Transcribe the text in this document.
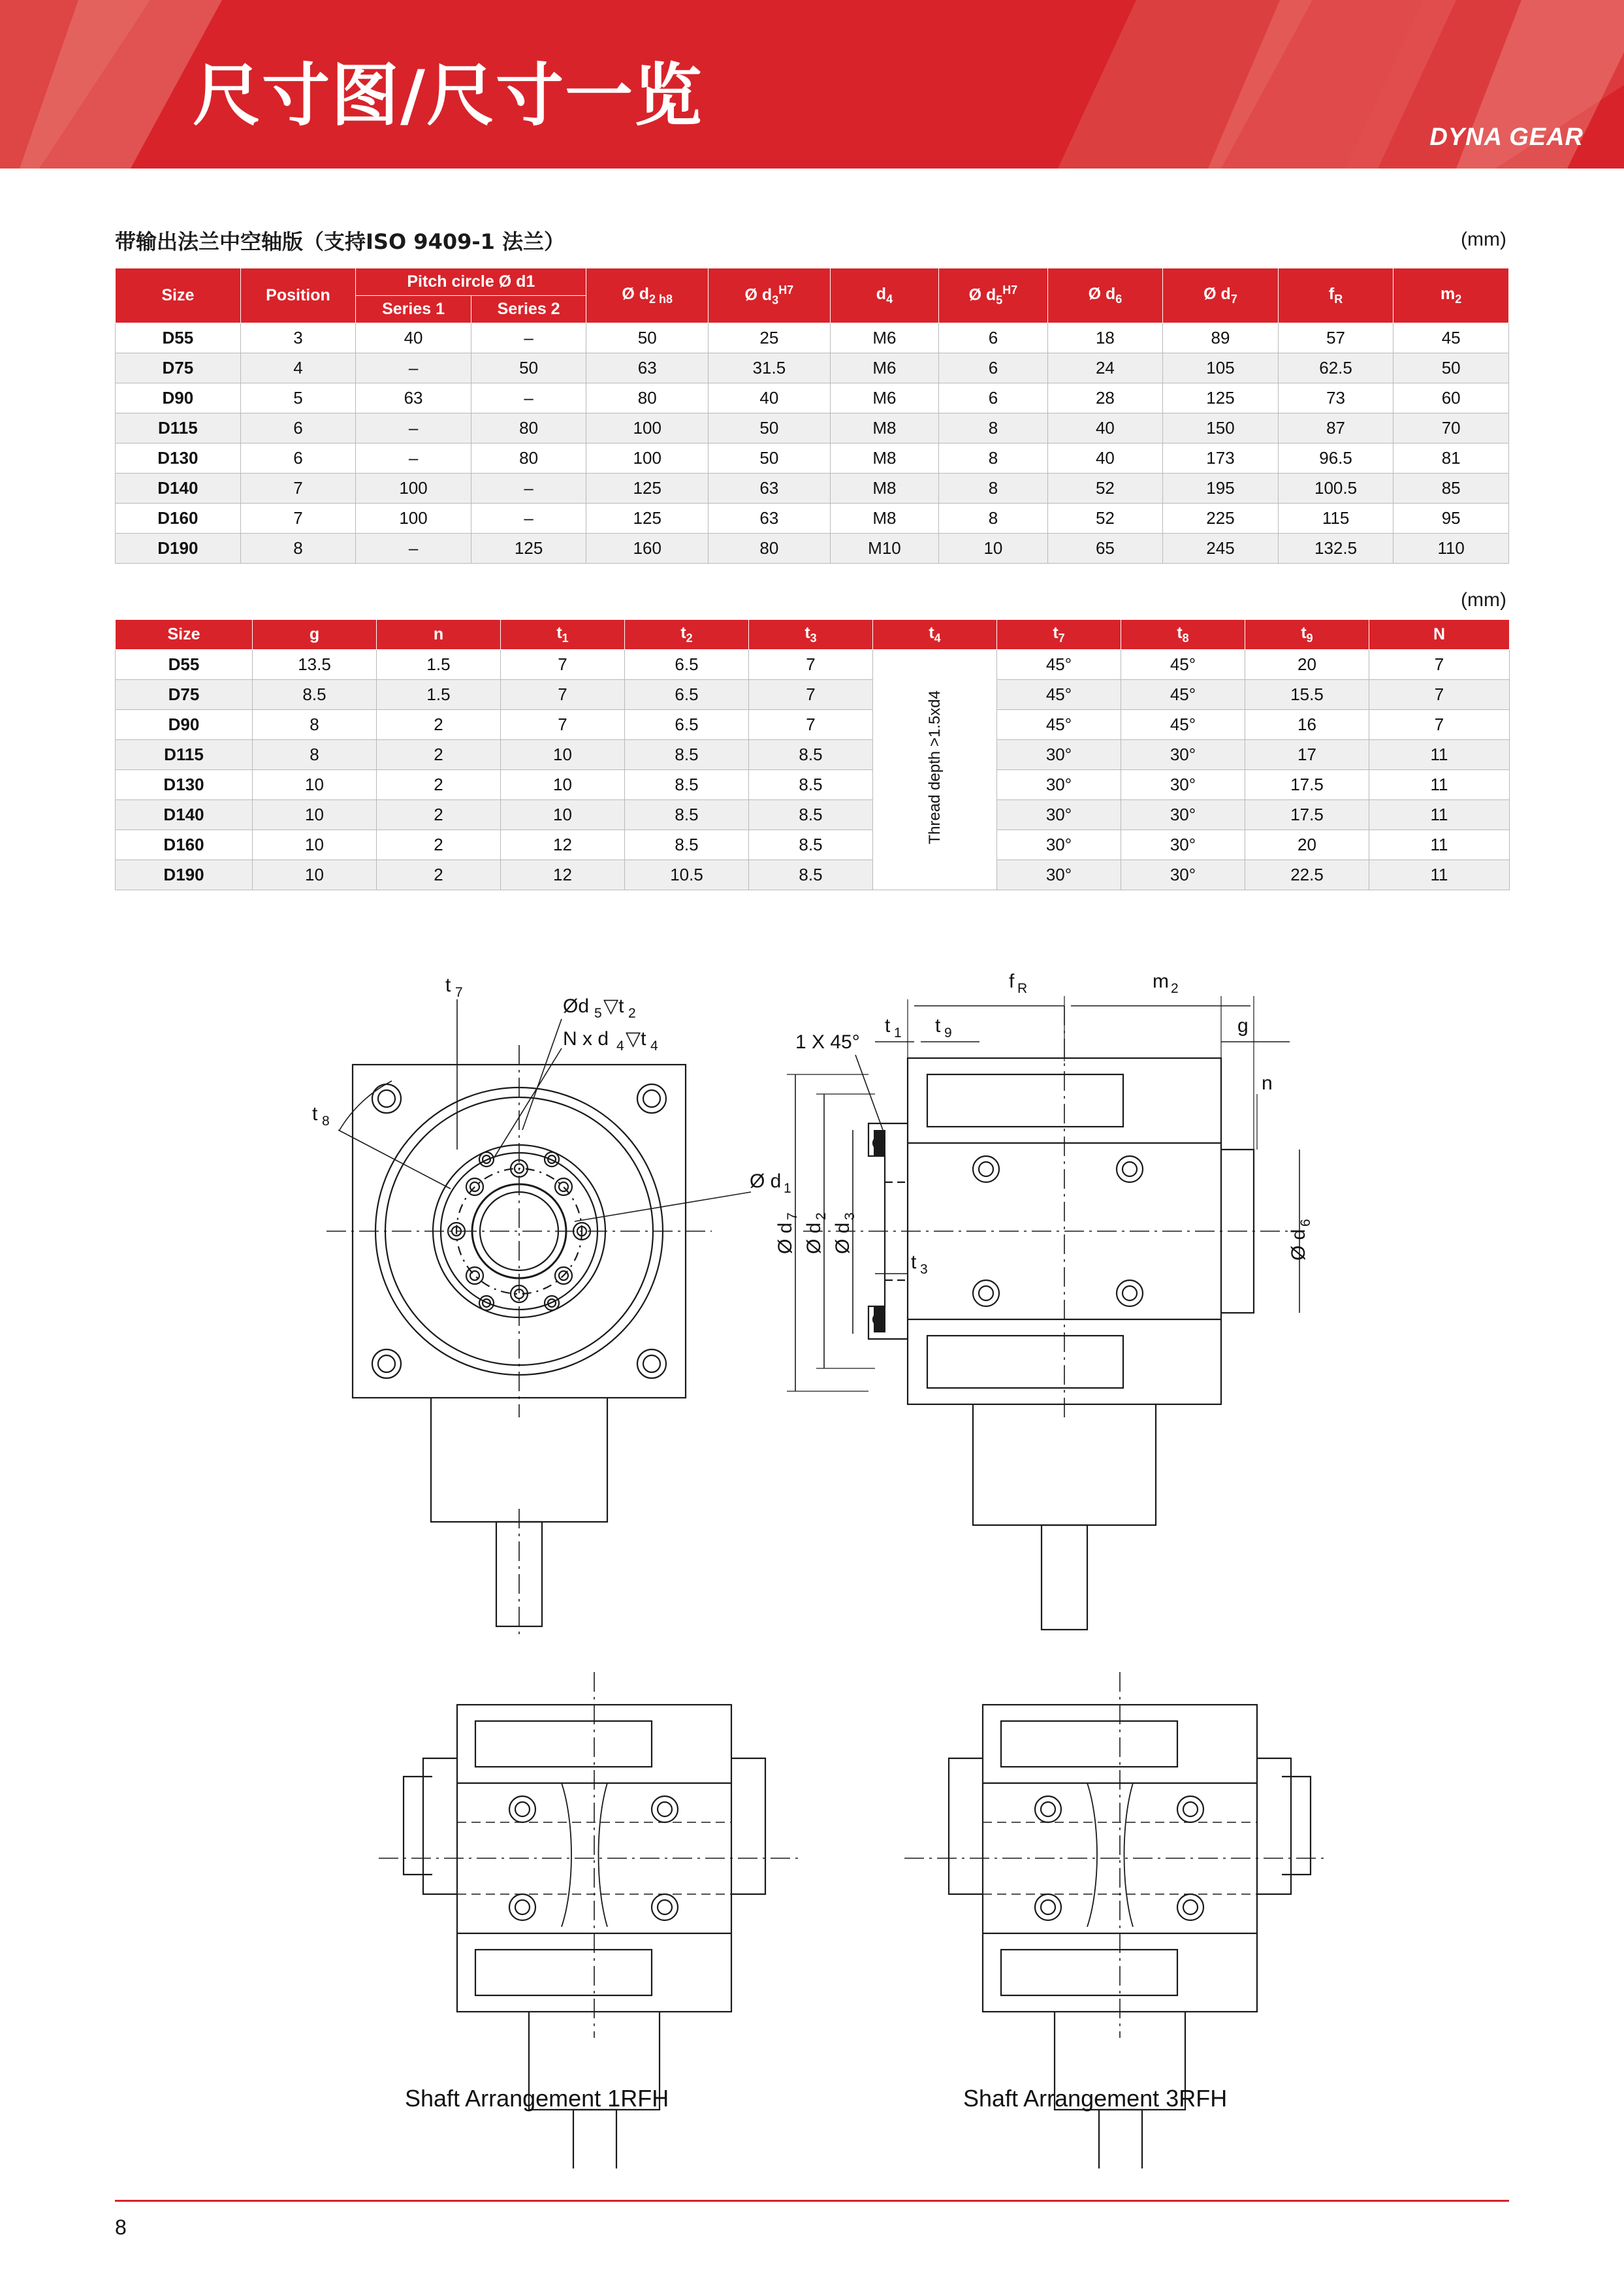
尺寸图/尺寸一览
DYNA GEAR
带输出法兰中空轴版（支持ISO 9409-1 法兰）	(mm)
(mm)
Size	Position	Pitch circle Ø d1		Ø $d_{2 h8}$	Ø $d_3^{H7}$	$d_4$	Ø $d_5^{H7}$	Ø $d_6$	Ø $d_7$	$f_R$	$m_2$
		Series 1	Series 2								
D55	3	40	–	50	25	M6	6	18	89	57	45
D75	4	–	50	63	31.5	M6	6	24	105	62.5	50
D90	5	63	–	80	40	M6	6	28	125	73	60
D115	6	–	80	100	50	M8	8	40	150	87	70
D130	6	–	80	100	50	M8	8	40	173	96.5	81
D140	7	100	–	125	63	M8	8	52	195	100.5	85
D160	7	100	–	125	63	M8	8	52	225	115	95
D190	8	–	125	160	80	M10	10	65	245	132.5	110
Size	g	n	$t_1$	$t_2$	$t_3$	$t_4$	$t_7$	$t_8$	$t_9$	N
D55	13.5	1.5	7	6.5	7	Thread depth >1.5xd4	45°	45°	20	7
D75	8.5	1.5	7	6.5	7		45°	45°	15.5	7
D90	8	2	7	6.5	7		45°	45°	16	7
D115	8	2	10	8.5	8.5		30°	30°	17	11
D130	10	2	10	8.5	8.5		30°	30°	17.5	11
D140	10	2	10	8.5	8.5		30°	30°	17.5	11
D160	10	2	12	8.5	8.5		30°	30°	20	11
D190	10	2	12	10.5	8.5		30°	30°	22.5	11
t 7
t 8
Ød 5 ▽t 2
N x d 4 ▽t 4
Ø d 1
f R	m 2
t 1 t 9	g
n
1 X 45°
t 3
Ø d
7
Ø d
2
Ø d
3
Ø d
6
Shaft Arrangement 1RFH	Shaft Arrangement 3RFH
8
